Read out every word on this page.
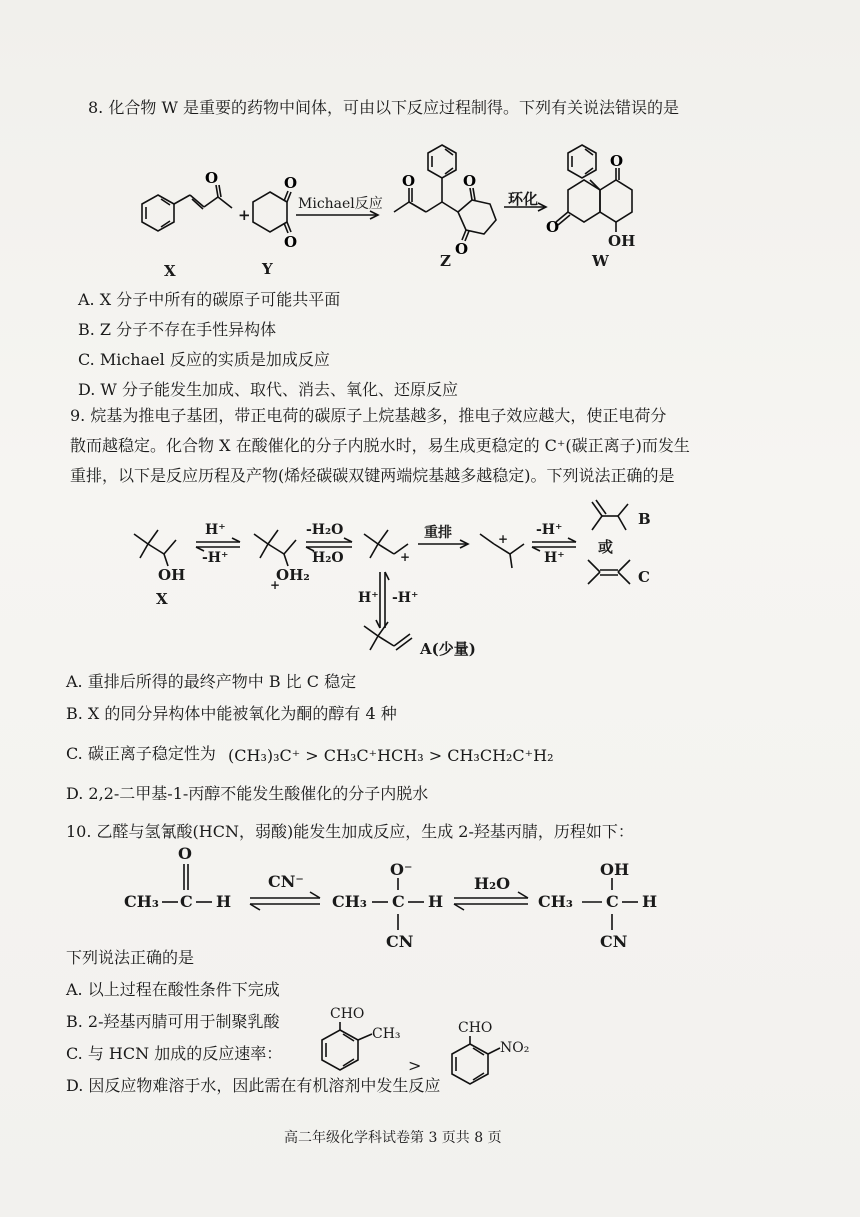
8. 化合物 W 是重要的药物中间体，可由以下反应过程制得。下列有关说法错误的是
O	O
O
O	O
O
O
O
+
Michael反应	环化
OH
X	Y	Z	W
A. X 分子中所有的碳原子可能共平面
B. Z 分子不存在手性异构体
C. Michael 反应的实质是加成反应
D. W 分子能发生加成、取代、消去、氧化、还原反应
9. 烷基为推电子基团，带正电荷的碳原子上烷基越多，推电子效应越大，使正电荷分
散而越稳定。化合物 X 在酸催化的分子内脱水时，易生成更稳定的 C⁺(碳正离子)而发生
重排，以下是反应历程及产物(烯烃碳碳双键两端烷基越多越稳定)。下列说法正确的是
H⁺
-H⁺
-H₂O
H₂O
重排	-H⁺
H⁺
OH
X
OH₂
+
+
+
B
或
C
H⁺ -H⁺
A(少量)
A. 重排后所得的最终产物中 B 比 C 稳定
B. X 的同分异构体中能被氧化为酮的醇有 4 种
C. 碳正离子稳定性为 (CH₃)₃C⁺ > CH₃C⁺HCH₃ > CH₃CH₂C⁺H₂
D. 2,2-二甲基-1-丙醇不能发生酸催化的分子内脱水
10. 乙醛与氢氰酸(HCN，弱酸)能发生加成反应，生成 2-羟基丙腈，历程如下：
O
CH₃ C H
CN⁻
O⁻
CH₃ C H
CN
H₂O
OH
CH₃ C H
CN
下列说法正确的是
A. 以上过程在酸性条件下完成
B. 2-羟基丙腈可用于制聚乳酸
C. 与 HCN 加成的反应速率：
D. 因反应物难溶于水，因此需在有机溶剂中发生反应
CHO
CH₃
>
CHO
NO₂
高二年级化学科试卷第 3 页共 8 页
